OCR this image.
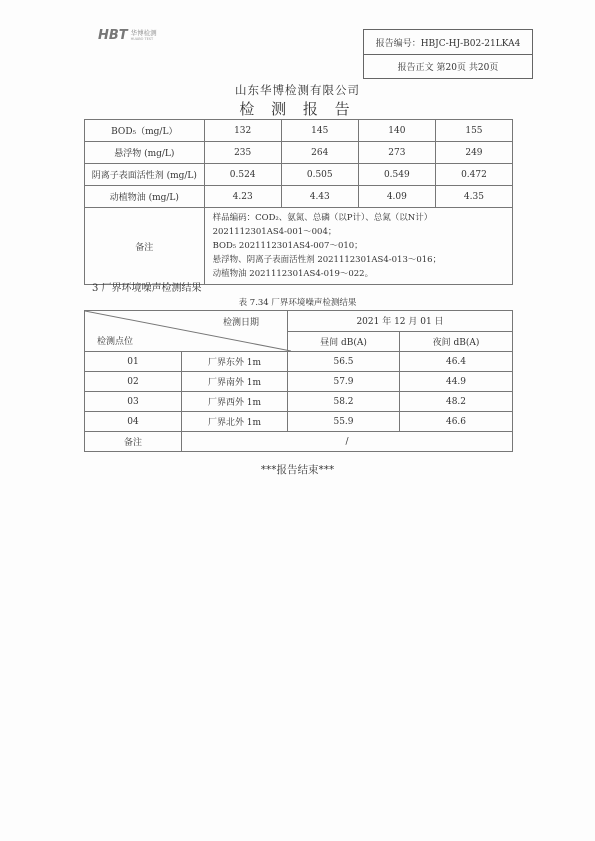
HBT 华博检测
HUABO TEST	报告编号：HBJC-HJ-B02-21LKA4
报告正文 第20页 共20页
山东华博检测有限公司
检 测 报 告
BOD₅（mg/L）	132	145	140	155
悬浮物 (mg/L)	235	264	273	249
阴离子表面活性剂 (mg/L)	0.524	0.505	0.549	0.472
动植物油 (mg/L)	4.23	4.43	4.09	4.35
备注	样品编码：COD₂、氨氮、总磷（以P计）、总氮（以N计） 2021112301AS4-001～004；
BOD₅ 2021112301AS4-007～010；
悬浮物、阴离子表面活性剂 2021112301AS4-013～016；
动植物油 2021112301AS4-019～022。			
3 厂界环境噪声检测结果
表 7.34 厂界环境噪声检测结果
检测日期
检测点位		2021 年 12 月 01 日	
		昼间 dB(A)	夜间 dB(A)
01	厂界东外 1m	56.5	46.4
02	厂界南外 1m	57.9	44.9
03	厂界西外 1m	58.2	48.2
04	厂界北外 1m	55.9	46.6
备注	/		
***报告结束***
